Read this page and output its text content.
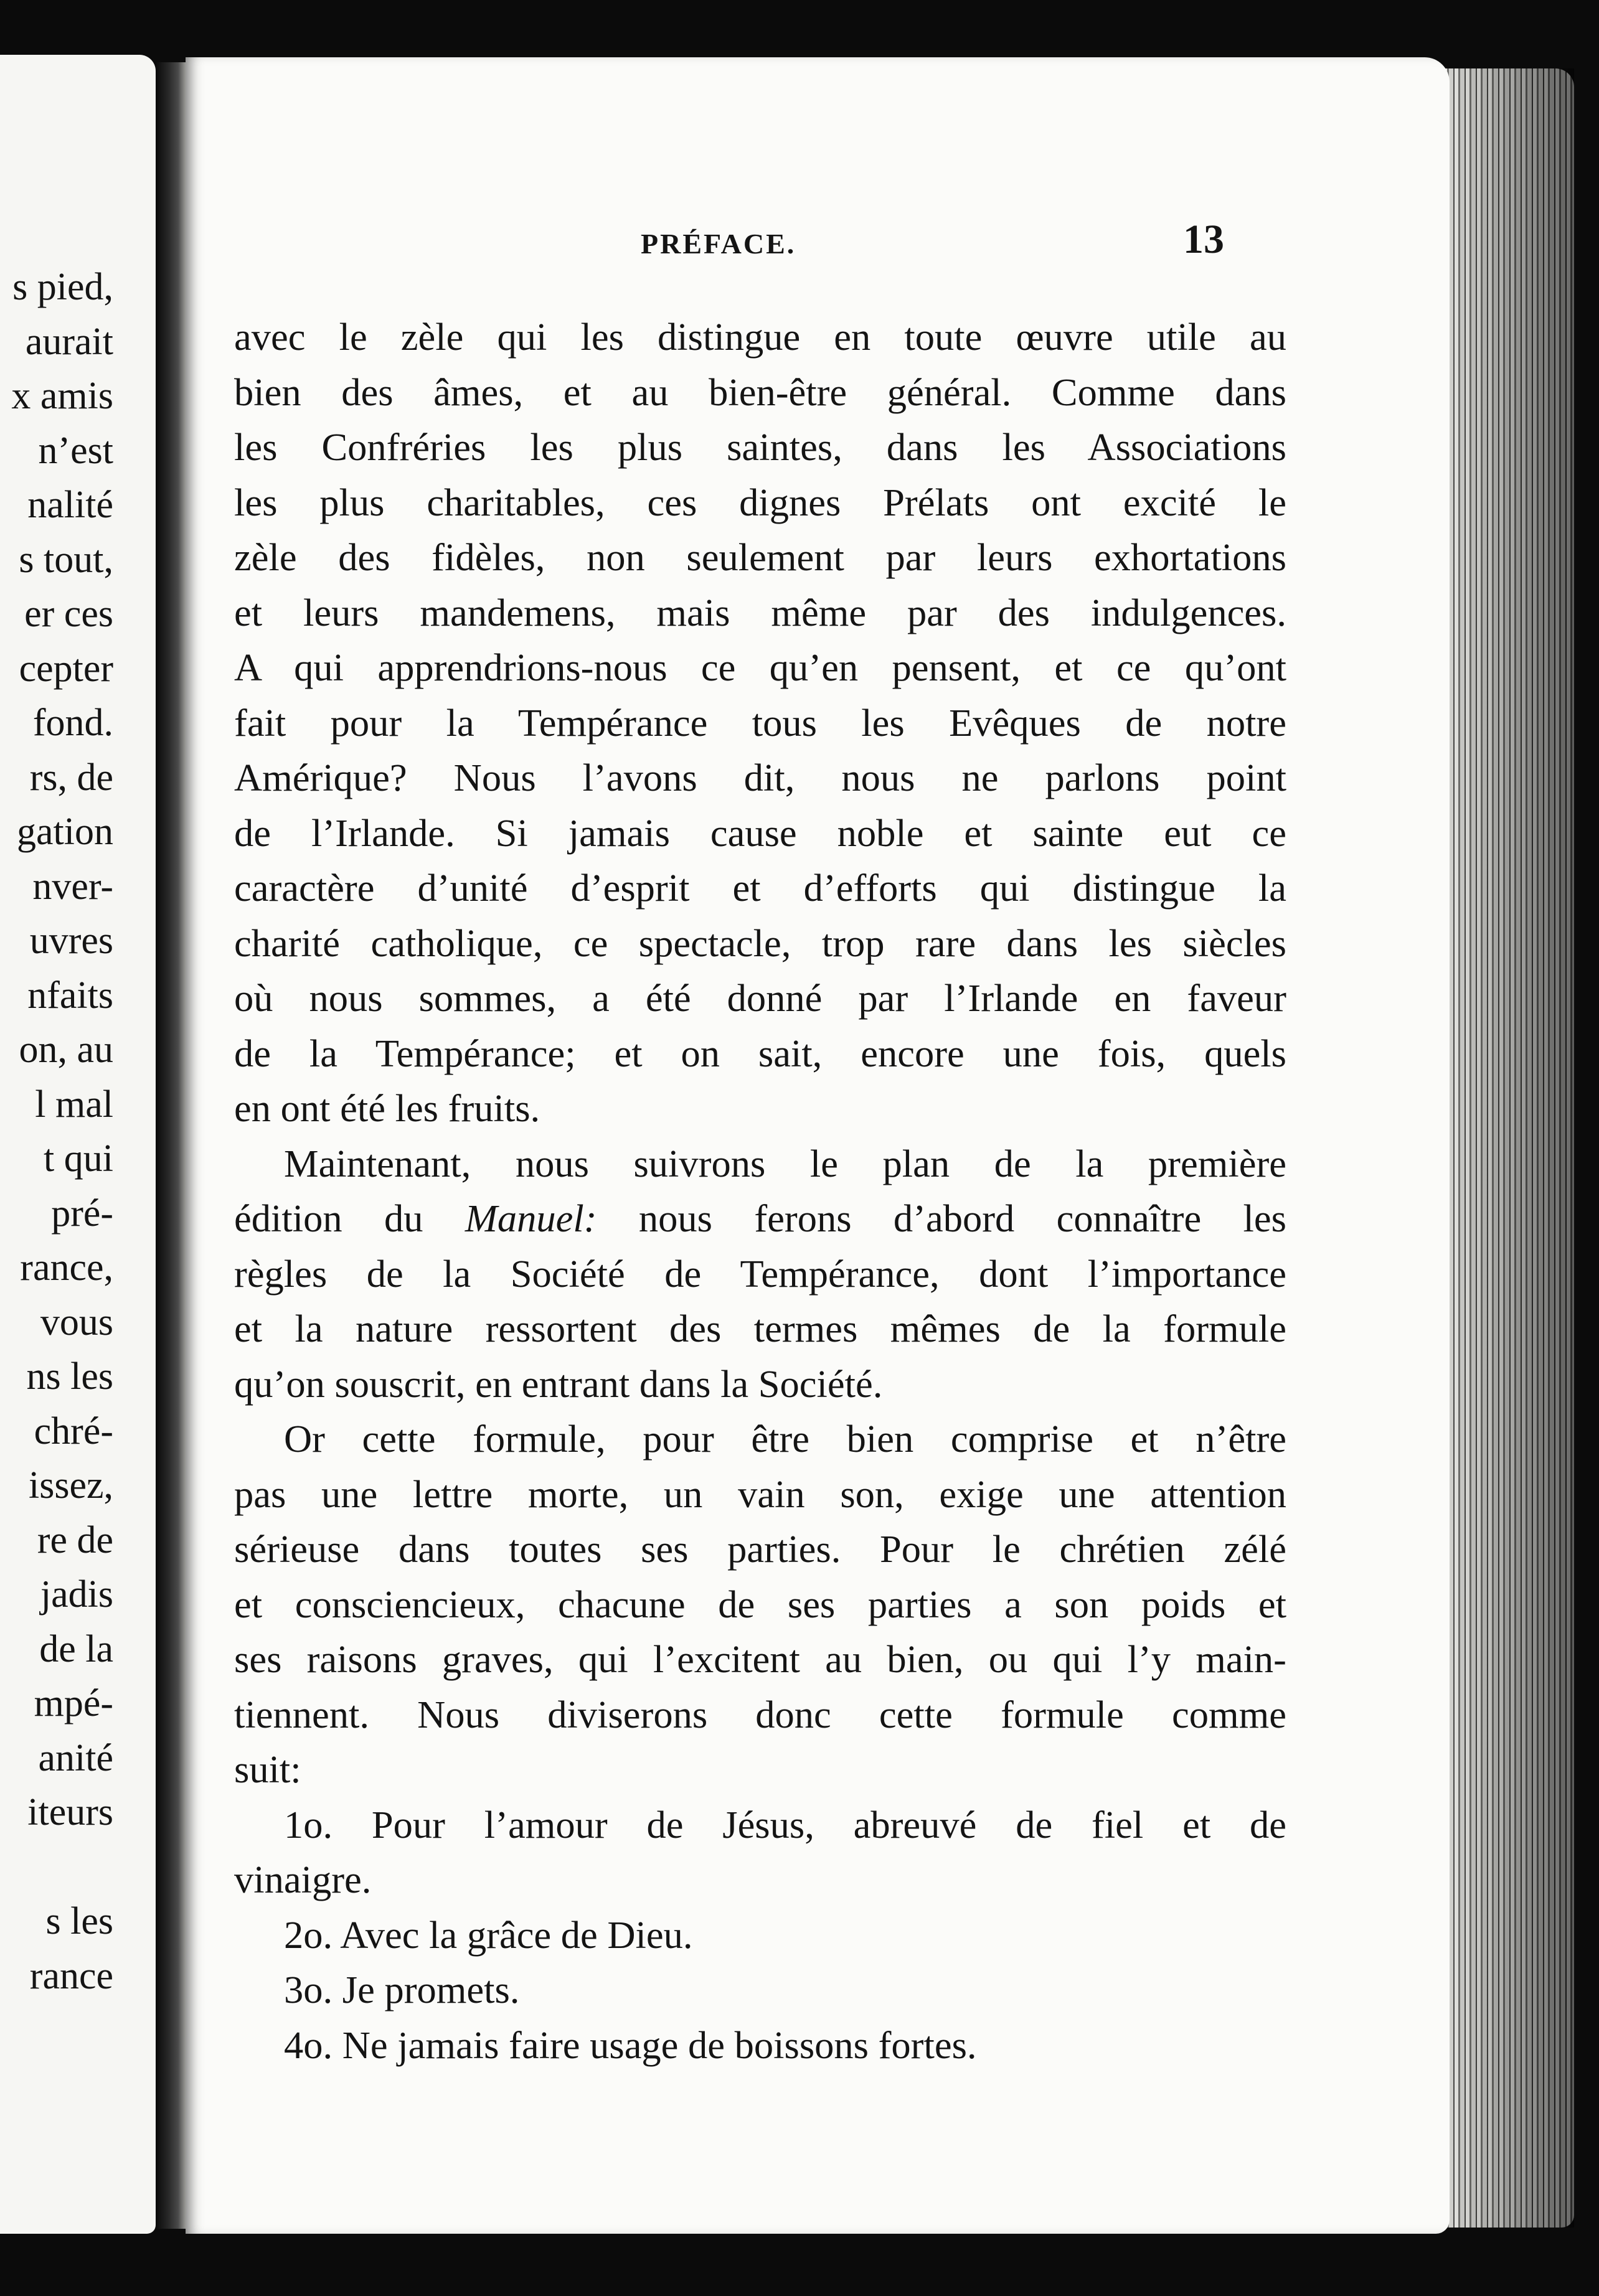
s pied,
aurait
x amis
n’est
nalité
s tout,
er ces
cepter
fond.
rs, de
gation
nver-
uvres
nfaits
on, au
l mal
t qui
pré-
rance,
vous
ns les
chré-
issez,
re de
jadis
de la
mpé-
anité
iteurs
s les
rance
PRÉFACE.	13
avec le zèle qui les distingue en toute œuvre utile au
bien des âmes, et au bien-être général. Comme dans
les Confréries les plus saintes, dans les Associations
les plus charitables, ces dignes Prélats ont excité le
zèle des fidèles, non seulement par leurs exhortations
et leurs mandemens, mais même par des indulgences.
A qui apprendrions-nous ce qu’en pensent, et ce qu’ont
fait pour la Tempérance tous les Evêques de notre
Amérique? Nous l’avons dit, nous ne parlons point
de l’Irlande. Si jamais cause noble et sainte eut ce
caractère d’unité d’esprit et d’efforts qui distingue la
charité catholique, ce spectacle, trop rare dans les siècles
où nous sommes, a été donné par l’Irlande en faveur
de la Tempérance; et on sait, encore une fois, quels
en ont été les fruits.
Maintenant, nous suivrons le plan de la première
édition du Manuel: nous ferons d’abord connaître les
règles de la Société de Tempérance, dont l’importance
et la nature ressortent des termes mêmes de la formule
qu’on souscrit, en entrant dans la Société.
Or cette formule, pour être bien comprise et n’être
pas une lettre morte, un vain son, exige une attention
sérieuse dans toutes ses parties. Pour le chrétien zélé
et consciencieux, chacune de ses parties a son poids et
ses raisons graves, qui l’excitent au bien, ou qui l’y main-
tiennent. Nous diviserons donc cette formule comme
suit:
1o. Pour l’amour de Jésus, abreuvé de fiel et de
vinaigre.
2o. Avec la grâce de Dieu.
3o. Je promets.
4o. Ne jamais faire usage de boissons fortes.
